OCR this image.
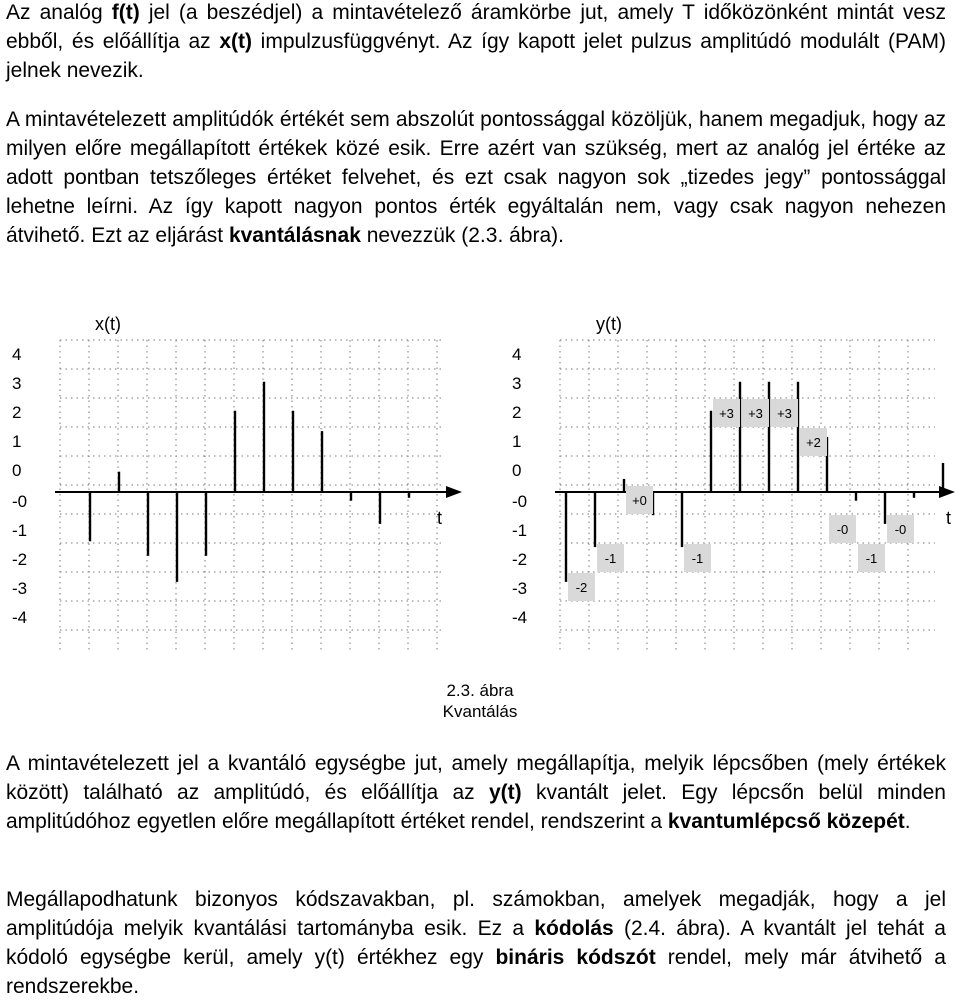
Az analóg f(t) jel (a beszédjel) a mintavételező áramkörbe jut, amely T időközönként mintát vesz ebből, és előállítja az x(t) impulzusfüggvényt. Az így kapott jelet pulzus amplitúdó modulált (PAM) jelnek nevezik.

A mintavételezett amplitúdók értékét sem abszolút pontossággal közöljük, hanem megadjuk, hogy az milyen előre megállapított értékek közé esik. Erre azért van szükség, mert az analóg jel értéke az adott pontban tetszőleges értéket felvehet, és ezt csak nagyon sok „tizedes jegy” pontossággal lehetne leírni. Az így kapott nagyon pontos érték egyáltalán nem, vagy csak nagyon nehezen átvihető. Ezt az eljárást kvantálásnak nevezzük (2.3. ábra).

t
x(t)
4
3
2
1
0
-0
-1
-2
-3
-4
t
y(t)
4
3
2
1
0
-0
-1
-2
-3
-4
-2
-1
+0
-1
+3 +3 +3
+2
-0
-1
-0
2.3. ábra
Kvantálás

A mintavételezett jel a kvantáló egységbe jut, amely megállapítja, melyik lépcsőben (mely értékek között) található az amplitúdó, és előállítja az y(t) kvantált jelet. Egy lépcsőn belül minden amplitúdóhoz egyetlen előre megállapított értéket rendel, rendszerint a kvantumlépcső közepét.

Megállapodhatunk bizonyos kódszavakban, pl. számokban, amelyek megadják, hogy a jel amplitúdója melyik kvantálási tartományba esik. Ez a kódolás (2.4. ábra). A kvantált jel tehát a kódoló egységbe kerül, amely y(t) értékhez egy bináris kódszót rendel, mely már átvihető a rendszerekbe.
